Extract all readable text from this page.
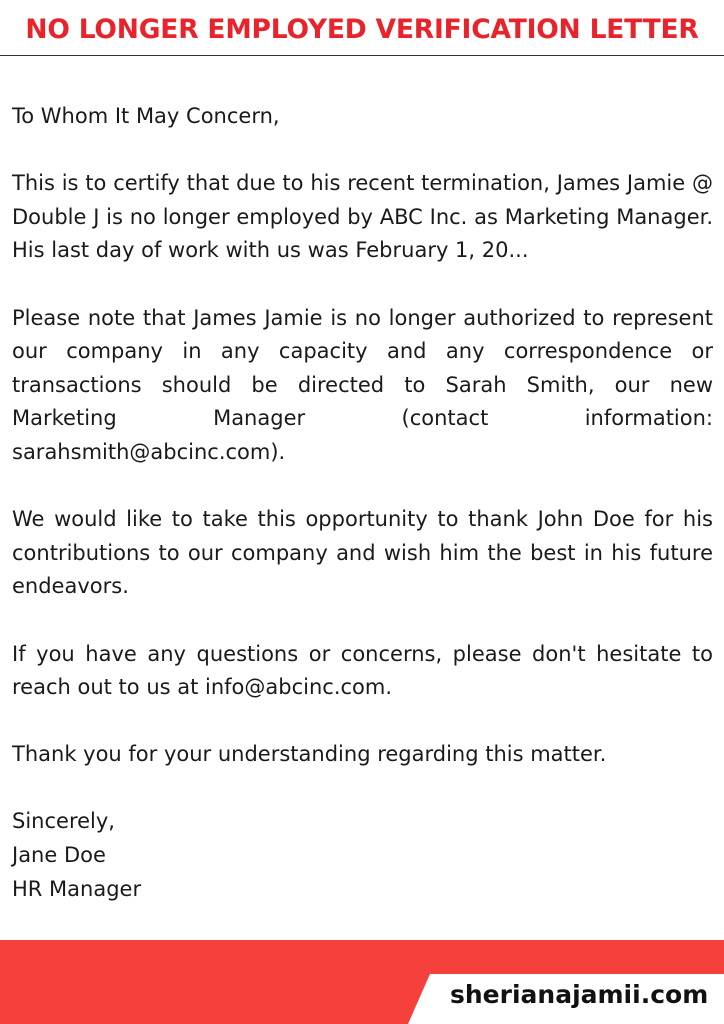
NO LONGER EMPLOYED VERIFICATION LETTER

To Whom It May Concern,

This is to certify that due to his recent termination, James Jamie @ Double J is no longer employed by ABC Inc. as Marketing Manager. His last day of work with us was February 1, 20...

Please note that James Jamie is no longer authorized to represent our company in any capacity and any correspondence or transactions should be directed to Sarah Smith, our new Marketing Manager (contact information: sarahsmith@abcinc.com).

We would like to take this opportunity to thank John Doe for his contributions to our company and wish him the best in his future endeavors.

If you have any questions or concerns, please don't hesitate to reach out to us at info@abcinc.com.

Thank you for your understanding regarding this matter.

Sincerely,
Jane Doe
HR Manager
sherianajamii.com
